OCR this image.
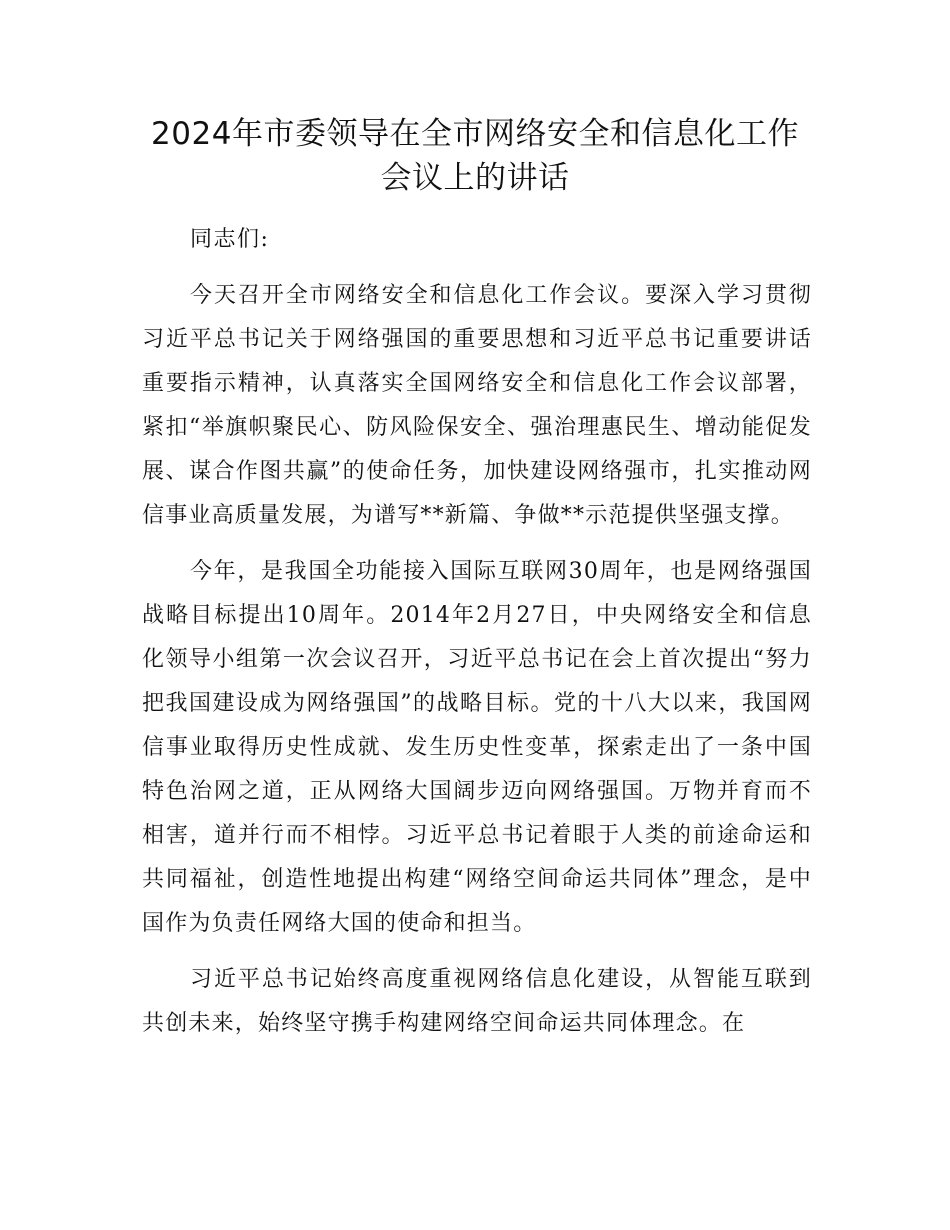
2024年市委领导在全市网络安全和信息化工作
会议上的讲话

同志们:

今天召开全市网络安全和信息化工作会议。要深入学习贯彻习近平总书记关于网络强国的重要思想和习近平总书记重要讲话重要指示精神，认真落实全国网络安全和信息化工作会议部署，紧扣“举旗帜聚民心、防风险保安全、强治理惠民生、增动能促发展、谋合作图共赢”的使命任务，加快建设网络强市，扎实推动网信事业高质量发展，为谱写**新篇、争做**示范提供坚强支撑。

今年，是我国全功能接入国际互联网30周年，也是网络强国战略目标提出10周年。2014年2月27日，中央网络安全和信息化领导小组第一次会议召开，习近平总书记在会上首次提出“努力把我国建设成为网络强国”的战略目标。党的十八大以来，我国网信事业取得历史性成就、发生历史性变革，探索走出了一条中国特色治网之道，正从网络大国阔步迈向网络强国。万物并育而不相害，道并行而不相悖。习近平总书记着眼于人类的前途命运和共同福祉，创造性地提出构建“网络空间命运共同体”理念，是中国作为负责任网络大国的使命和担当。

习近平总书记始终高度重视网络信息化建设，从智能互联到共创未来，始终坚守携手构建网络空间命运共同体理念。在
